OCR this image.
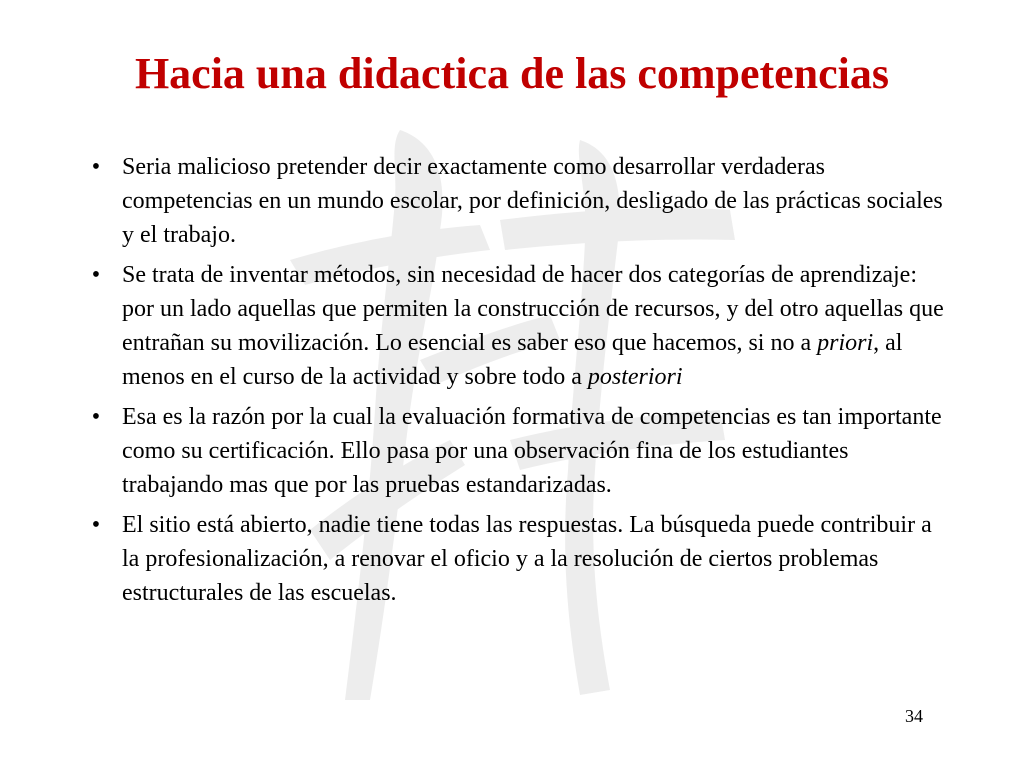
Hacia una didactica de las competencias
• Seria malicioso pretender decir exactamente como desarrollar verdaderas competencias en un mundo escolar, por definición, desligado de las prácticas sociales y el trabajo.
• Se trata de inventar métodos, sin necesidad de hacer dos categorías de aprendizaje: por un lado aquellas que permiten la construcción de recursos, y del otro aquellas que entrañan su movilización. Lo esencial es saber eso que hacemos, si no a priori, al menos en el curso de la actividad y sobre todo a posteriori
• Esa es la razón por la cual la evaluación formativa de competencias es tan importante como su certificación. Ello pasa por una observación fina de los estudiantes trabajando mas que por las pruebas estandarizadas.
• El sitio está abierto, nadie tiene todas las respuestas. La búsqueda puede contribuir a la profesionalización, a renovar el oficio y a la resolución de ciertos problemas estructurales de las escuelas.
34
